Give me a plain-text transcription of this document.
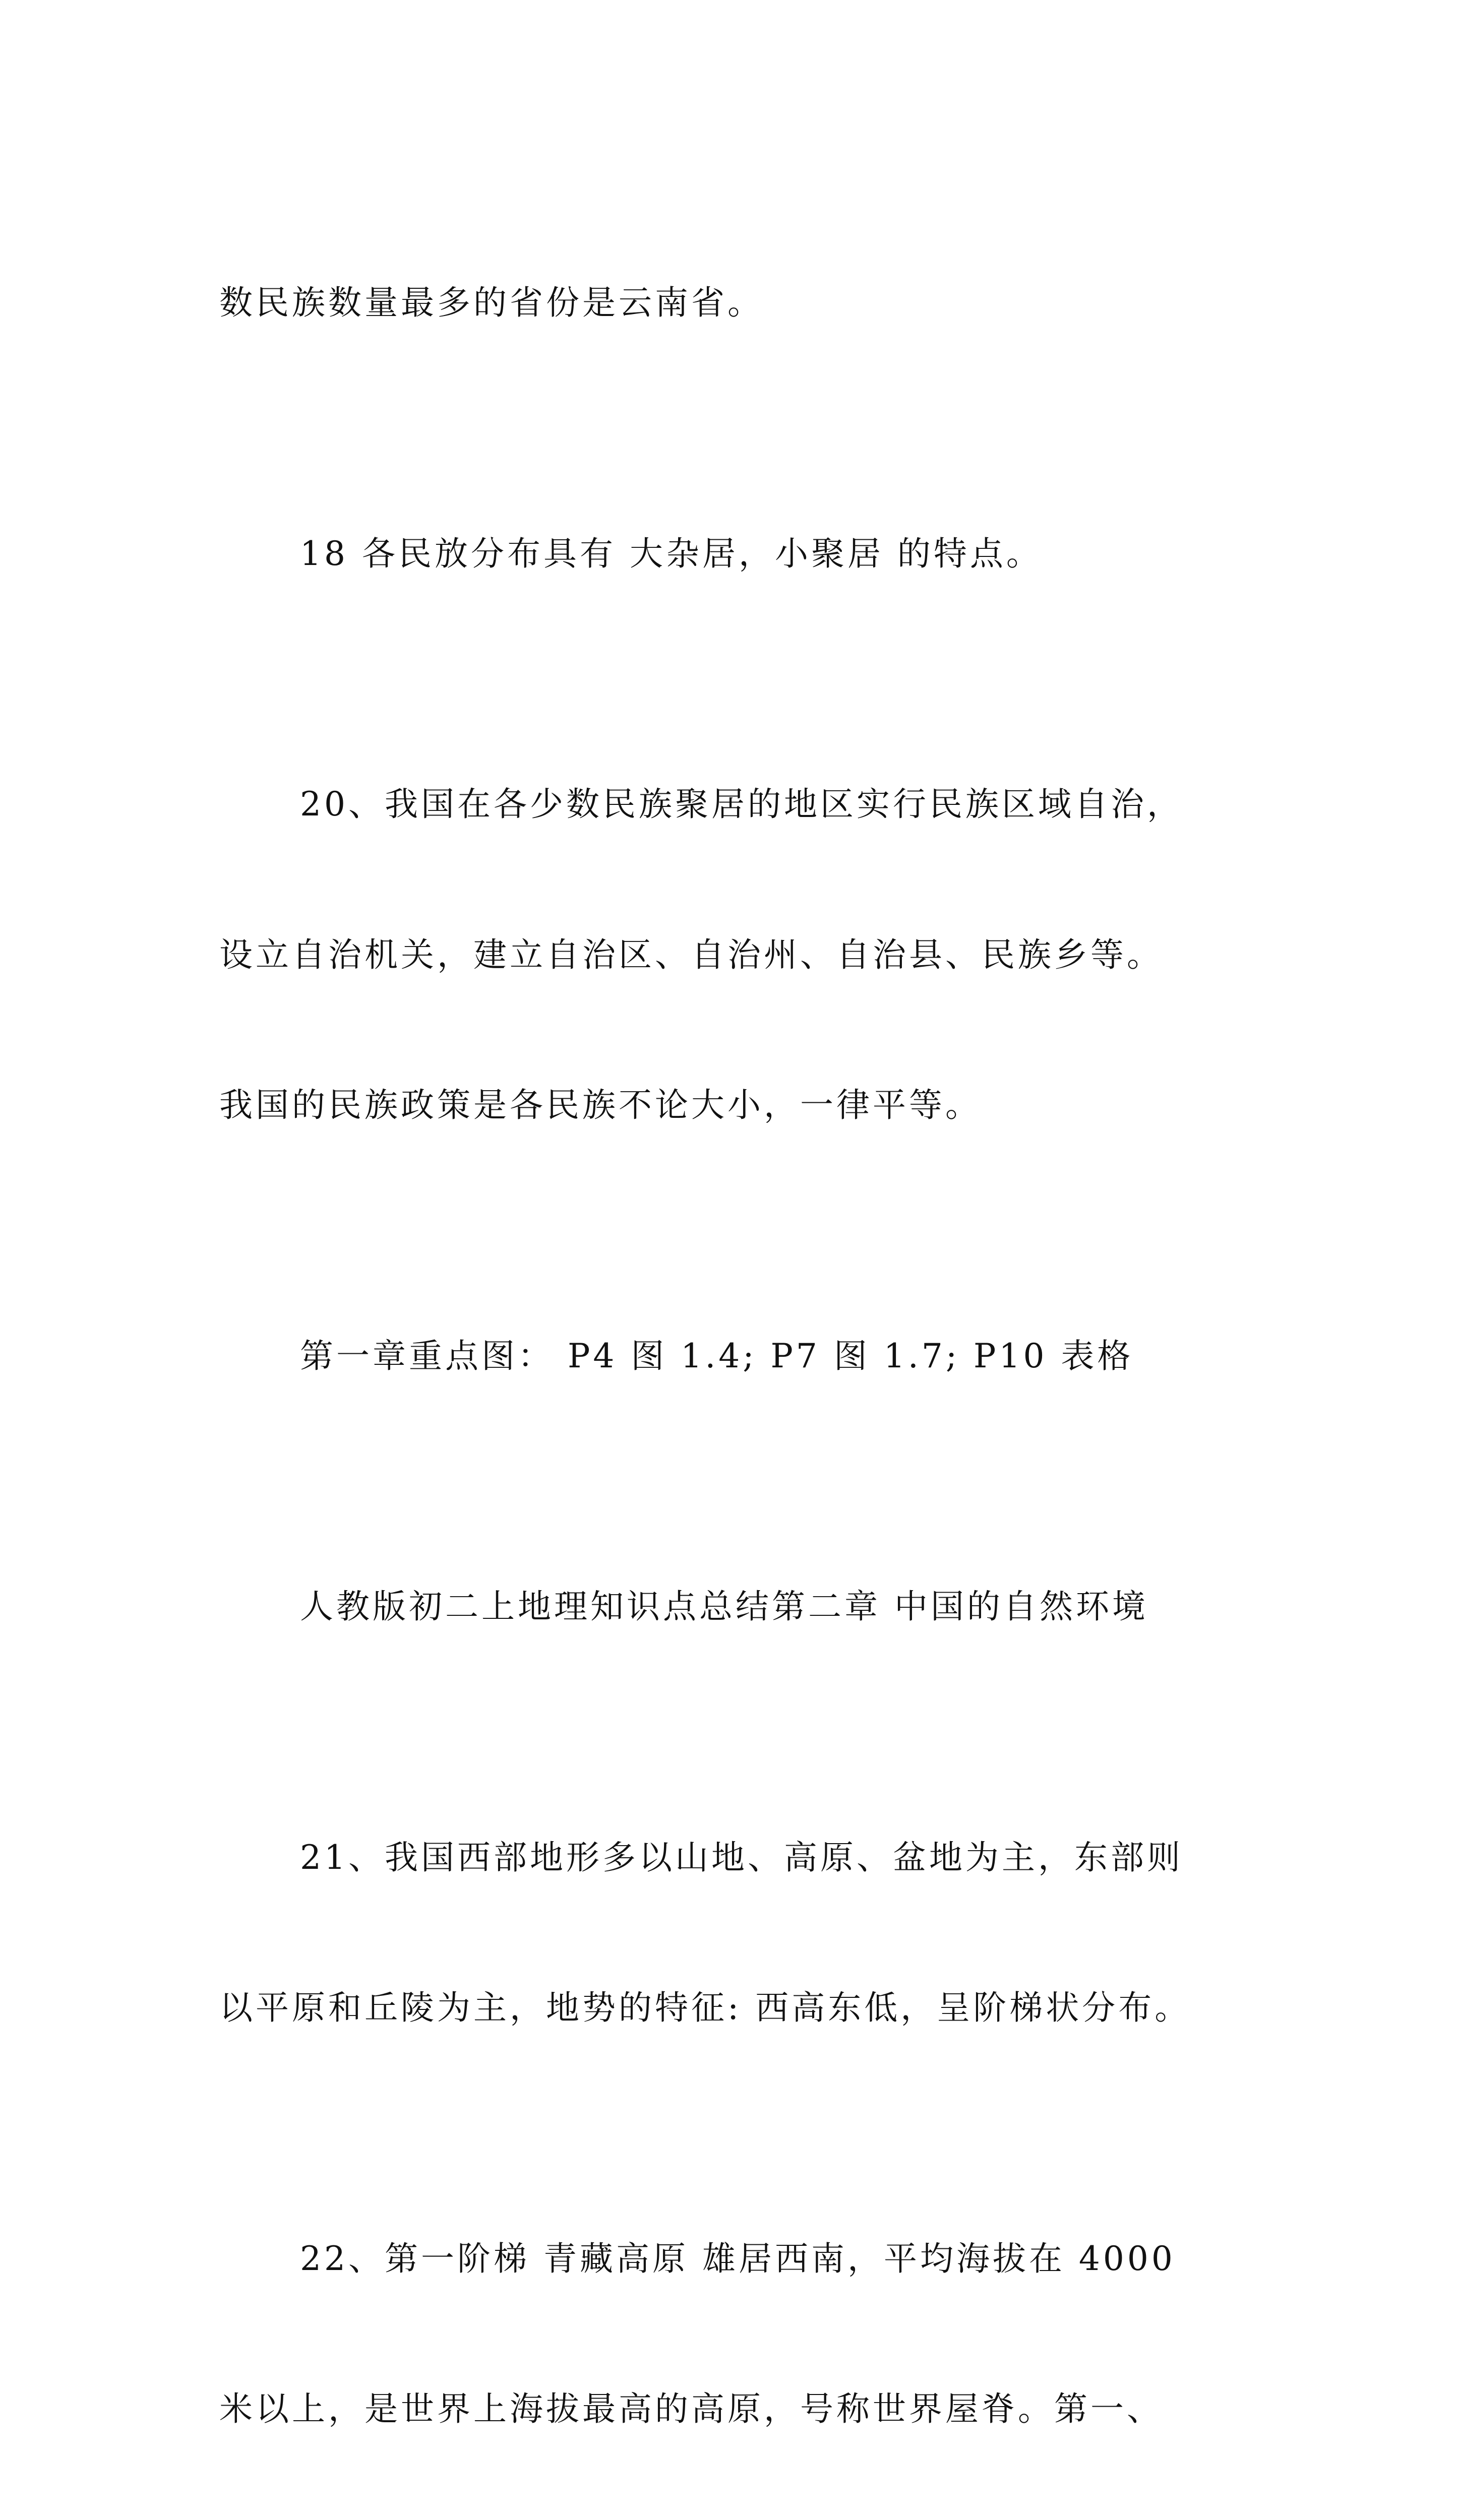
数民族数量最多的省份是云南省。

18 各民放分布具有 大杂居，小聚居 的特点。

20、我国在各少数民族聚居的地区实行民族区域自治，

设立自治机关，建立自治区、自治州、自治县、民族乡等。

我国的民族政策是各民族不论大小，一律平等。

第一章重点图： P4 图 1.4; P7 图 1.7; P10 表格

人教版初二上地理知识点总结第二章 中国的自然环境

21、我国西部地形多以山地、高原、盆地为主，东部则

以平原和丘陵为主，地势的特征: 西高东低，呈阶梯状分布。

22、第一阶梯 青藏高原 雄居西南，平均海拔在 4000

米以上，是世界上海拔最高的高原，号称世界屋脊。第一、
